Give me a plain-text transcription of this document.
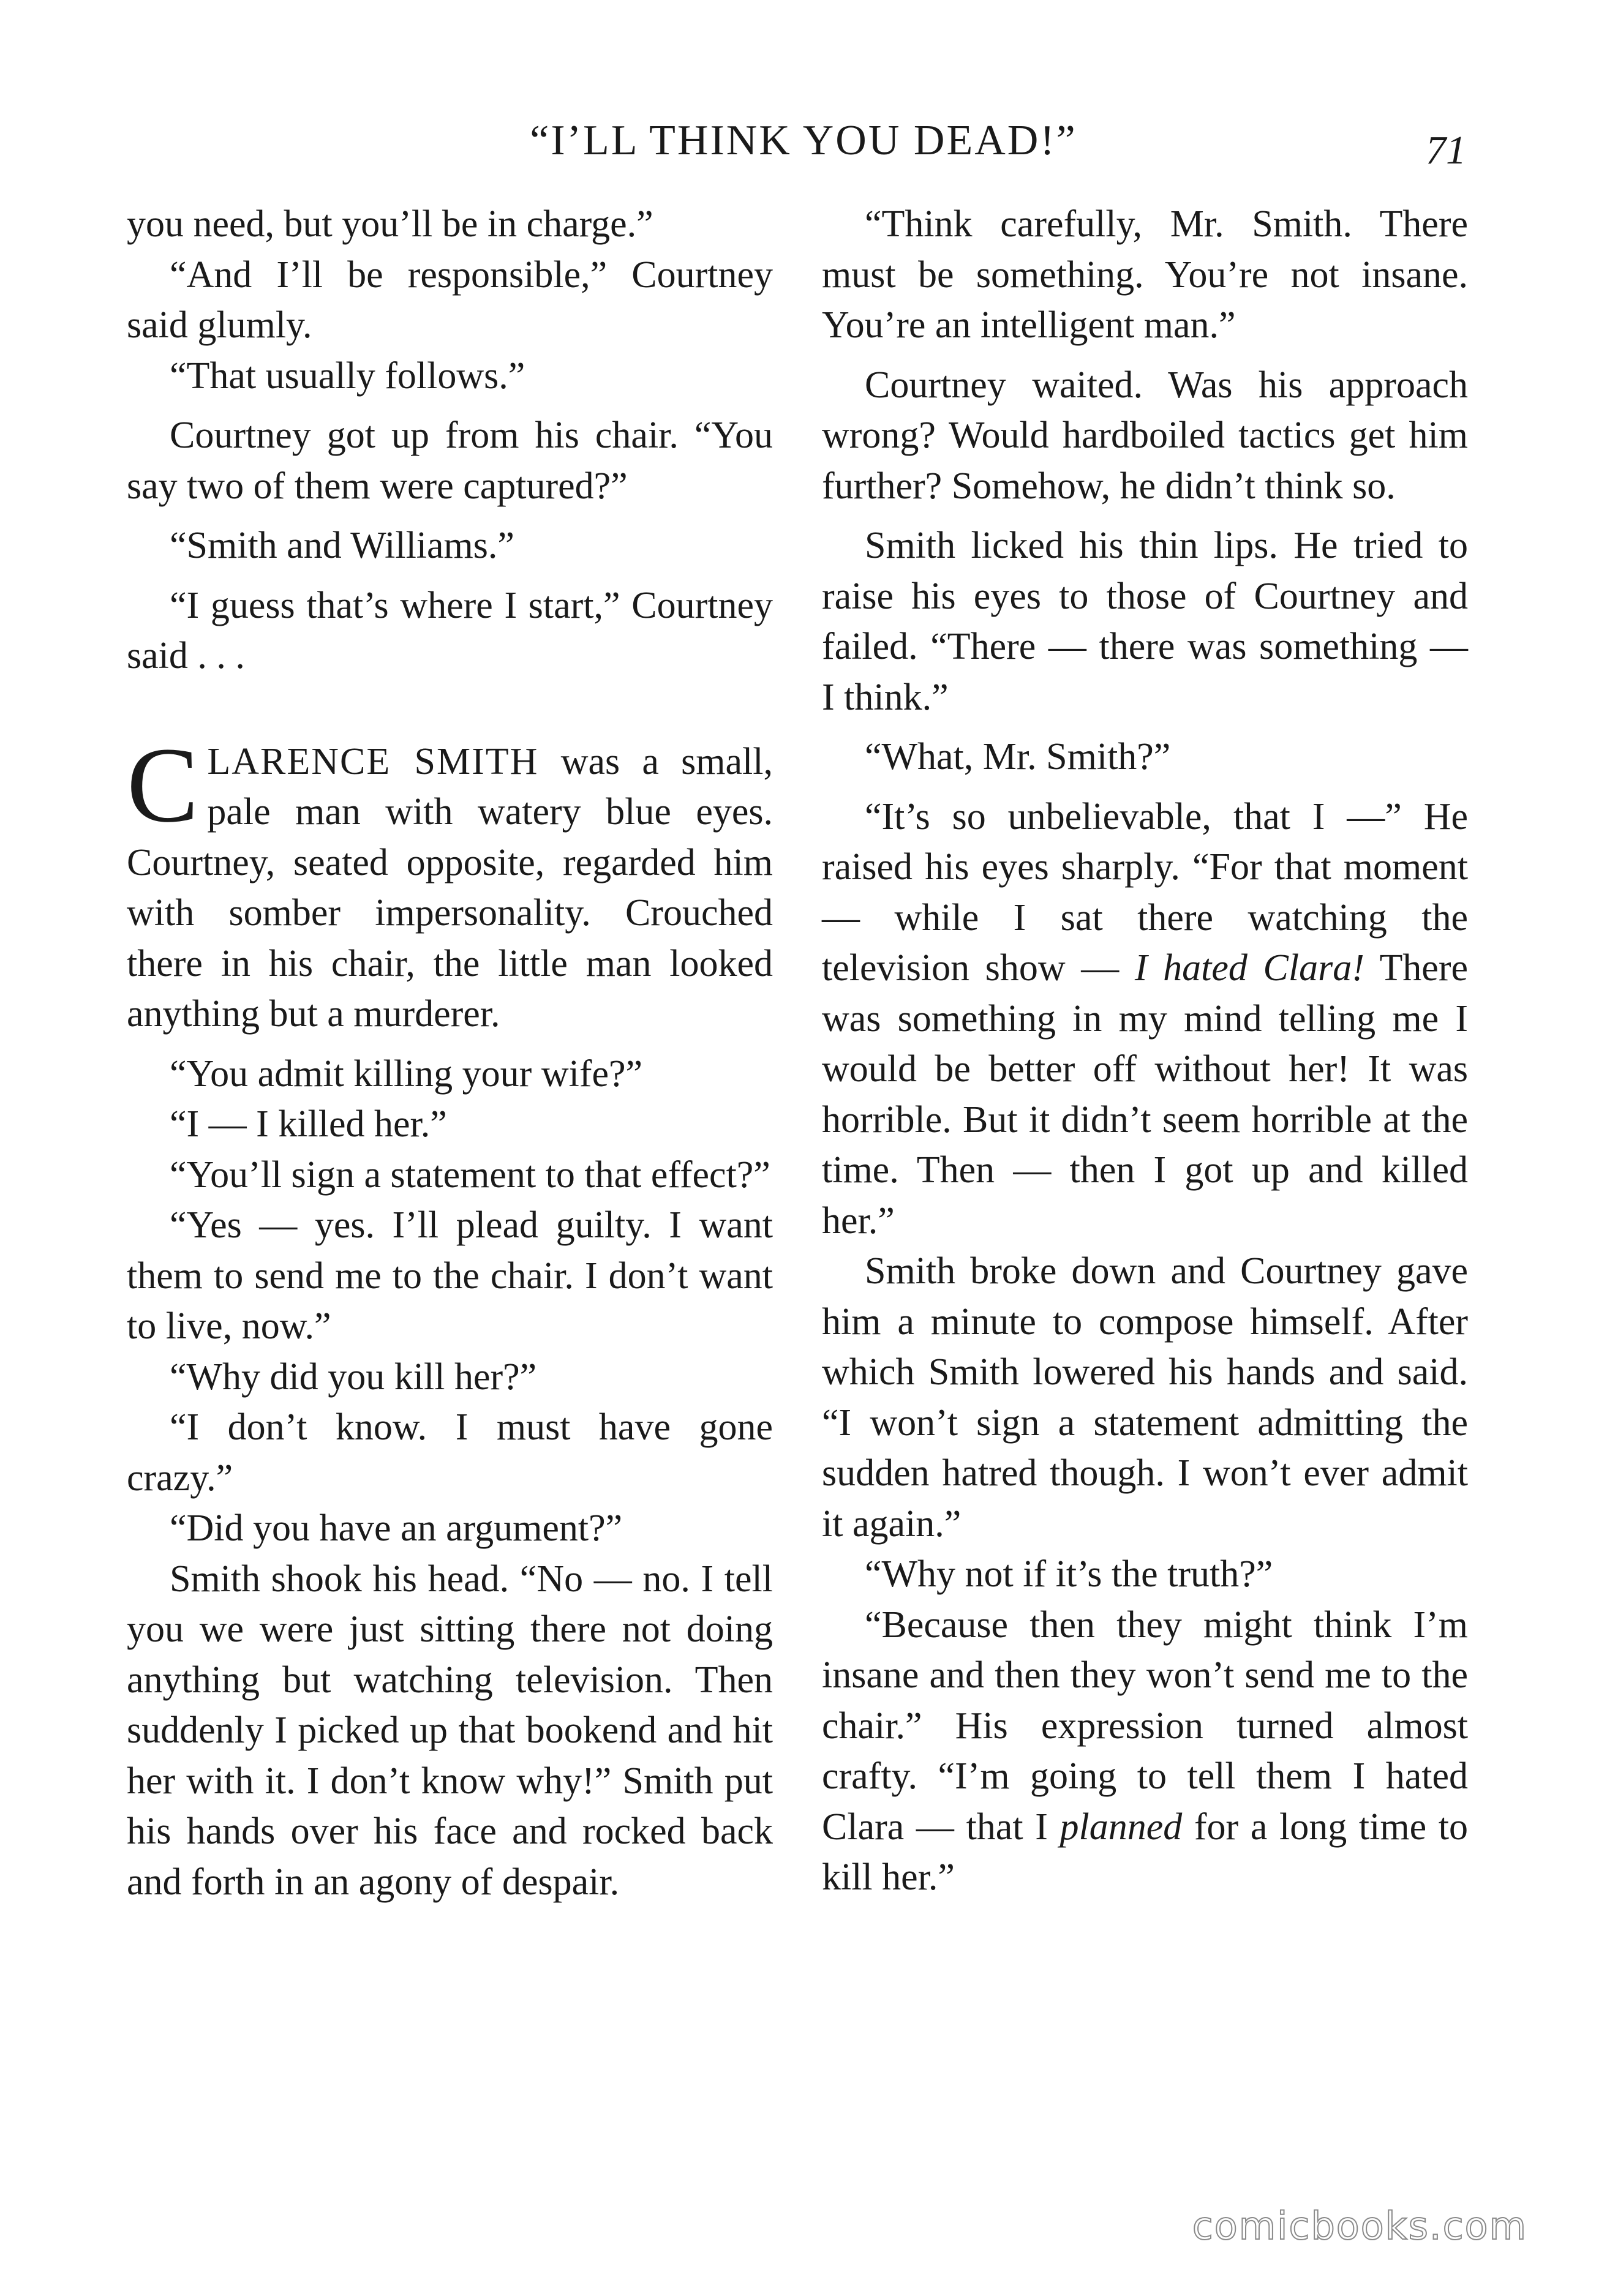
“I’LL THINK YOU DEAD!”	71

you need, but you’ll be in charge.”

“And I’ll be responsible,” Courtney said glumly.

“That usually follows.”

Courtney got up from his chair. “You say two of them were captured?”

“Smith and Williams.”

“I guess that’s where I start,” Courtney said . . .

CLARENCE SMITH was a small, pale man with watery blue eyes. Courtney, seated opposite, regarded him with somber impersonality. Crouched there in his chair, the little man looked anything but a murderer.

“You admit killing your wife?”

“I — I killed her.”

“You’ll sign a statement to that effect?”

“Yes — yes. I’ll plead guilty. I want them to send me to the chair. I don’t want to live, now.”

“Why did you kill her?”

“I don’t know. I must have gone crazy.”

“Did you have an argument?”

Smith shook his head. “No — no. I tell you we were just sitting there not doing anything but watching television. Then suddenly I picked up that bookend and hit her with it. I don’t know why!” Smith put his hands over his face and rocked back and forth in an agony of despair.

“Think carefully, Mr. Smith. There must be something. You’re not insane. You’re an intelligent man.”

Courtney waited. Was his approach wrong? Would hardboiled tactics get him further? Somehow, he didn’t think so.

Smith licked his thin lips. He tried to raise his eyes to those of Courtney and failed. “There — there was something — I think.”

“What, Mr. Smith?”

“It’s so unbelievable, that I —” He raised his eyes sharply. “For that moment — while I sat there watching the television show — I hated Clara! There was something in my mind telling me I would be better off without her! It was horrible. But it didn’t seem horrible at the time. Then — then I got up and killed her.”

Smith broke down and Courtney gave him a minute to compose himself. After which Smith lowered his hands and said. “I won’t sign a statement admitting the sudden hatred though. I won’t ever admit it again.”

“Why not if it’s the truth?”

“Because then they might think I’m insane and then they won’t send me to the chair.” His expression turned almost crafty. “I’m going to tell them I hated Clara — that I planned for a long time to kill her.”

comicbooks.com
